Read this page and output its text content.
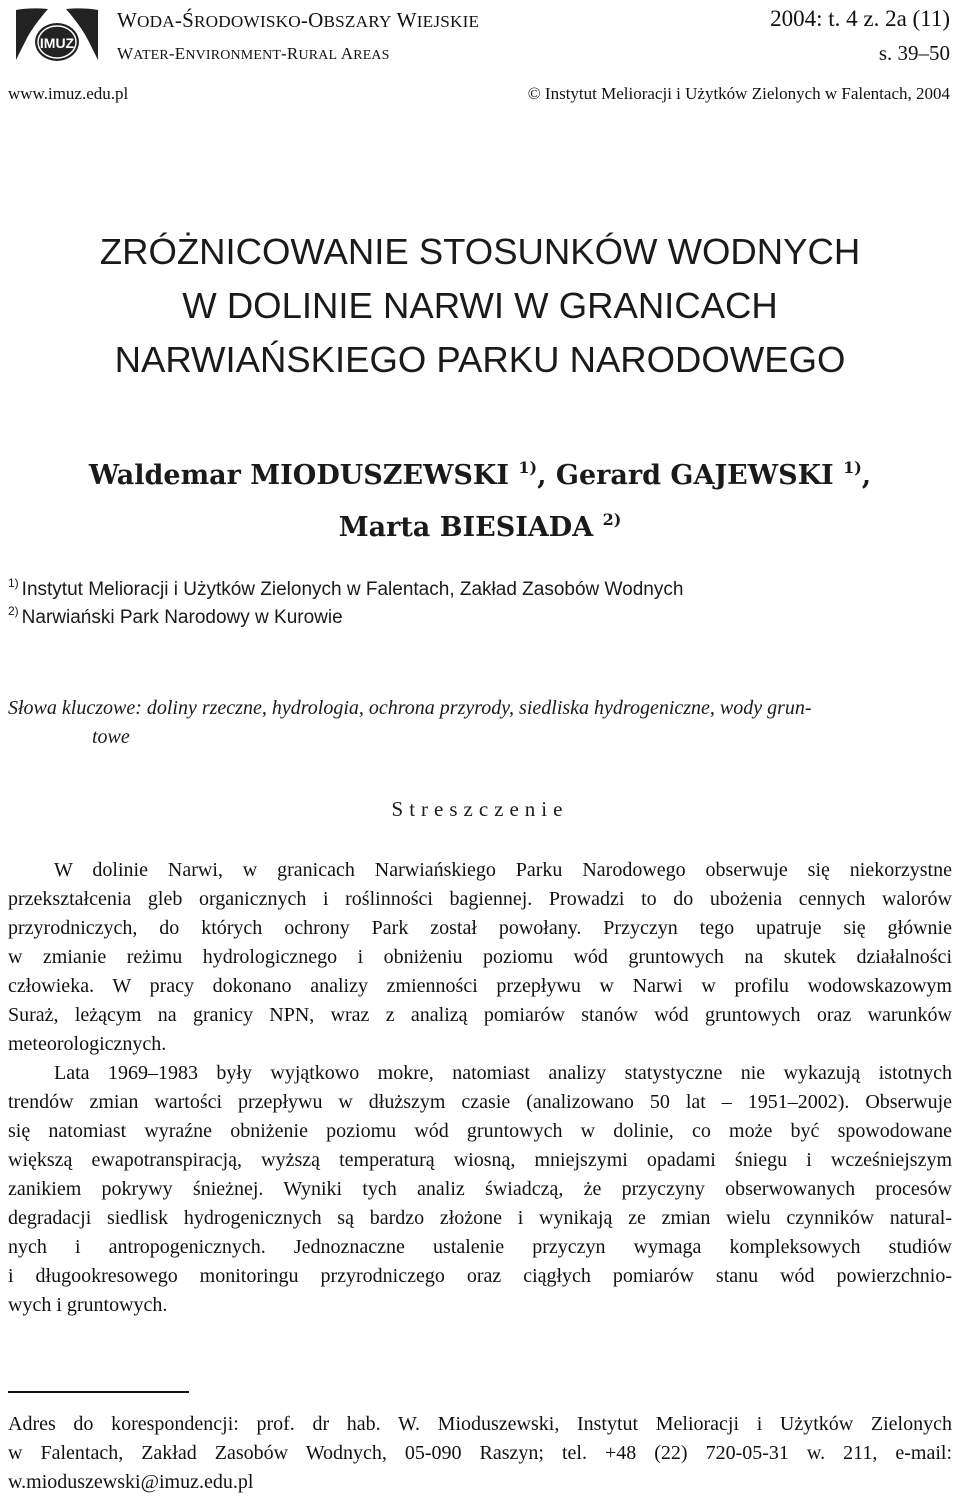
IMUZ
WODA-ŚRODOWISKO-OBSZARY WIEJSKIE
WATER-ENVIRONMENT-RURAL AREAS
2004: t. 4 z. 2a (11)
s. 39–50
www.imuz.edu.pl	© Instytut Melioracji i Użytków Zielonych w Falentach, 2004
ZRÓŻNICOWANIE STOSUNKÓW WODNYCH
W DOLINIE NARWI W GRANICACH
NARWIAŃSKIEGO PARKU NARODOWEGO
Waldemar MIODUSZEWSKI $^{1)}$, Gerard GAJEWSKI $^{1)}$,
Marta BIESIADA $^{2)}$
$^{1)}$ Instytut Melioracji i Użytków Zielonych w Falentach, Zakład Zasobów Wodnych
$^{2)}$ Narwiański Park Narodowy w Kurowie
Słowa kluczowe: doliny rzeczne, hydrologia, ochrona przyrody, siedliska hydrogeniczne, wody grun-
towe
Streszczenie
W dolinie Narwi, w granicach Narwiańskiego Parku Narodowego obserwuje się niekorzystne
przekształcenia gleb organicznych i roślinności bagiennej. Prowadzi to do ubożenia cennych walorów
przyrodniczych, do których ochrony Park został powołany. Przyczyn tego upatruje się głównie
w zmianie reżimu hydrologicznego i obniżeniu poziomu wód gruntowych na skutek działalności
człowieka. W pracy dokonano analizy zmienności przepływu w Narwi w profilu wodowskazowym
Suraż, leżącym na granicy NPN, wraz z analizą pomiarów stanów wód gruntowych oraz warunków
meteorologicznych.
Lata 1969–1983 były wyjątkowo mokre, natomiast analizy statystyczne nie wykazują istotnych
trendów zmian wartości przepływu w dłuższym czasie (analizowano 50 lat – 1951–2002). Obserwuje
się natomiast wyraźne obniżenie poziomu wód gruntowych w dolinie, co może być spowodowane
większą ewapotranspiracją, wyższą temperaturą wiosną, mniejszymi opadami śniegu i wcześniejszym
zanikiem pokrywy śnieżnej. Wyniki tych analiz świadczą, że przyczyny obserwowanych procesów
degradacji siedlisk hydrogenicznych są bardzo złożone i wynikają ze zmian wielu czynników natural-
nych i antropogenicznych. Jednoznaczne ustalenie przyczyn wymaga kompleksowych studiów
i długookresowego monitoringu przyrodniczego oraz ciągłych pomiarów stanu wód powierzchnio-
wych i gruntowych.
Adres do korespondencji: prof. dr hab. W. Mioduszewski, Instytut Melioracji i Użytków Zielonych
w Falentach, Zakład Zasobów Wodnych, 05-090 Raszyn; tel. +48 (22) 720-05-31 w. 211, e-mail:
w.mioduszewski@imuz.edu.pl
